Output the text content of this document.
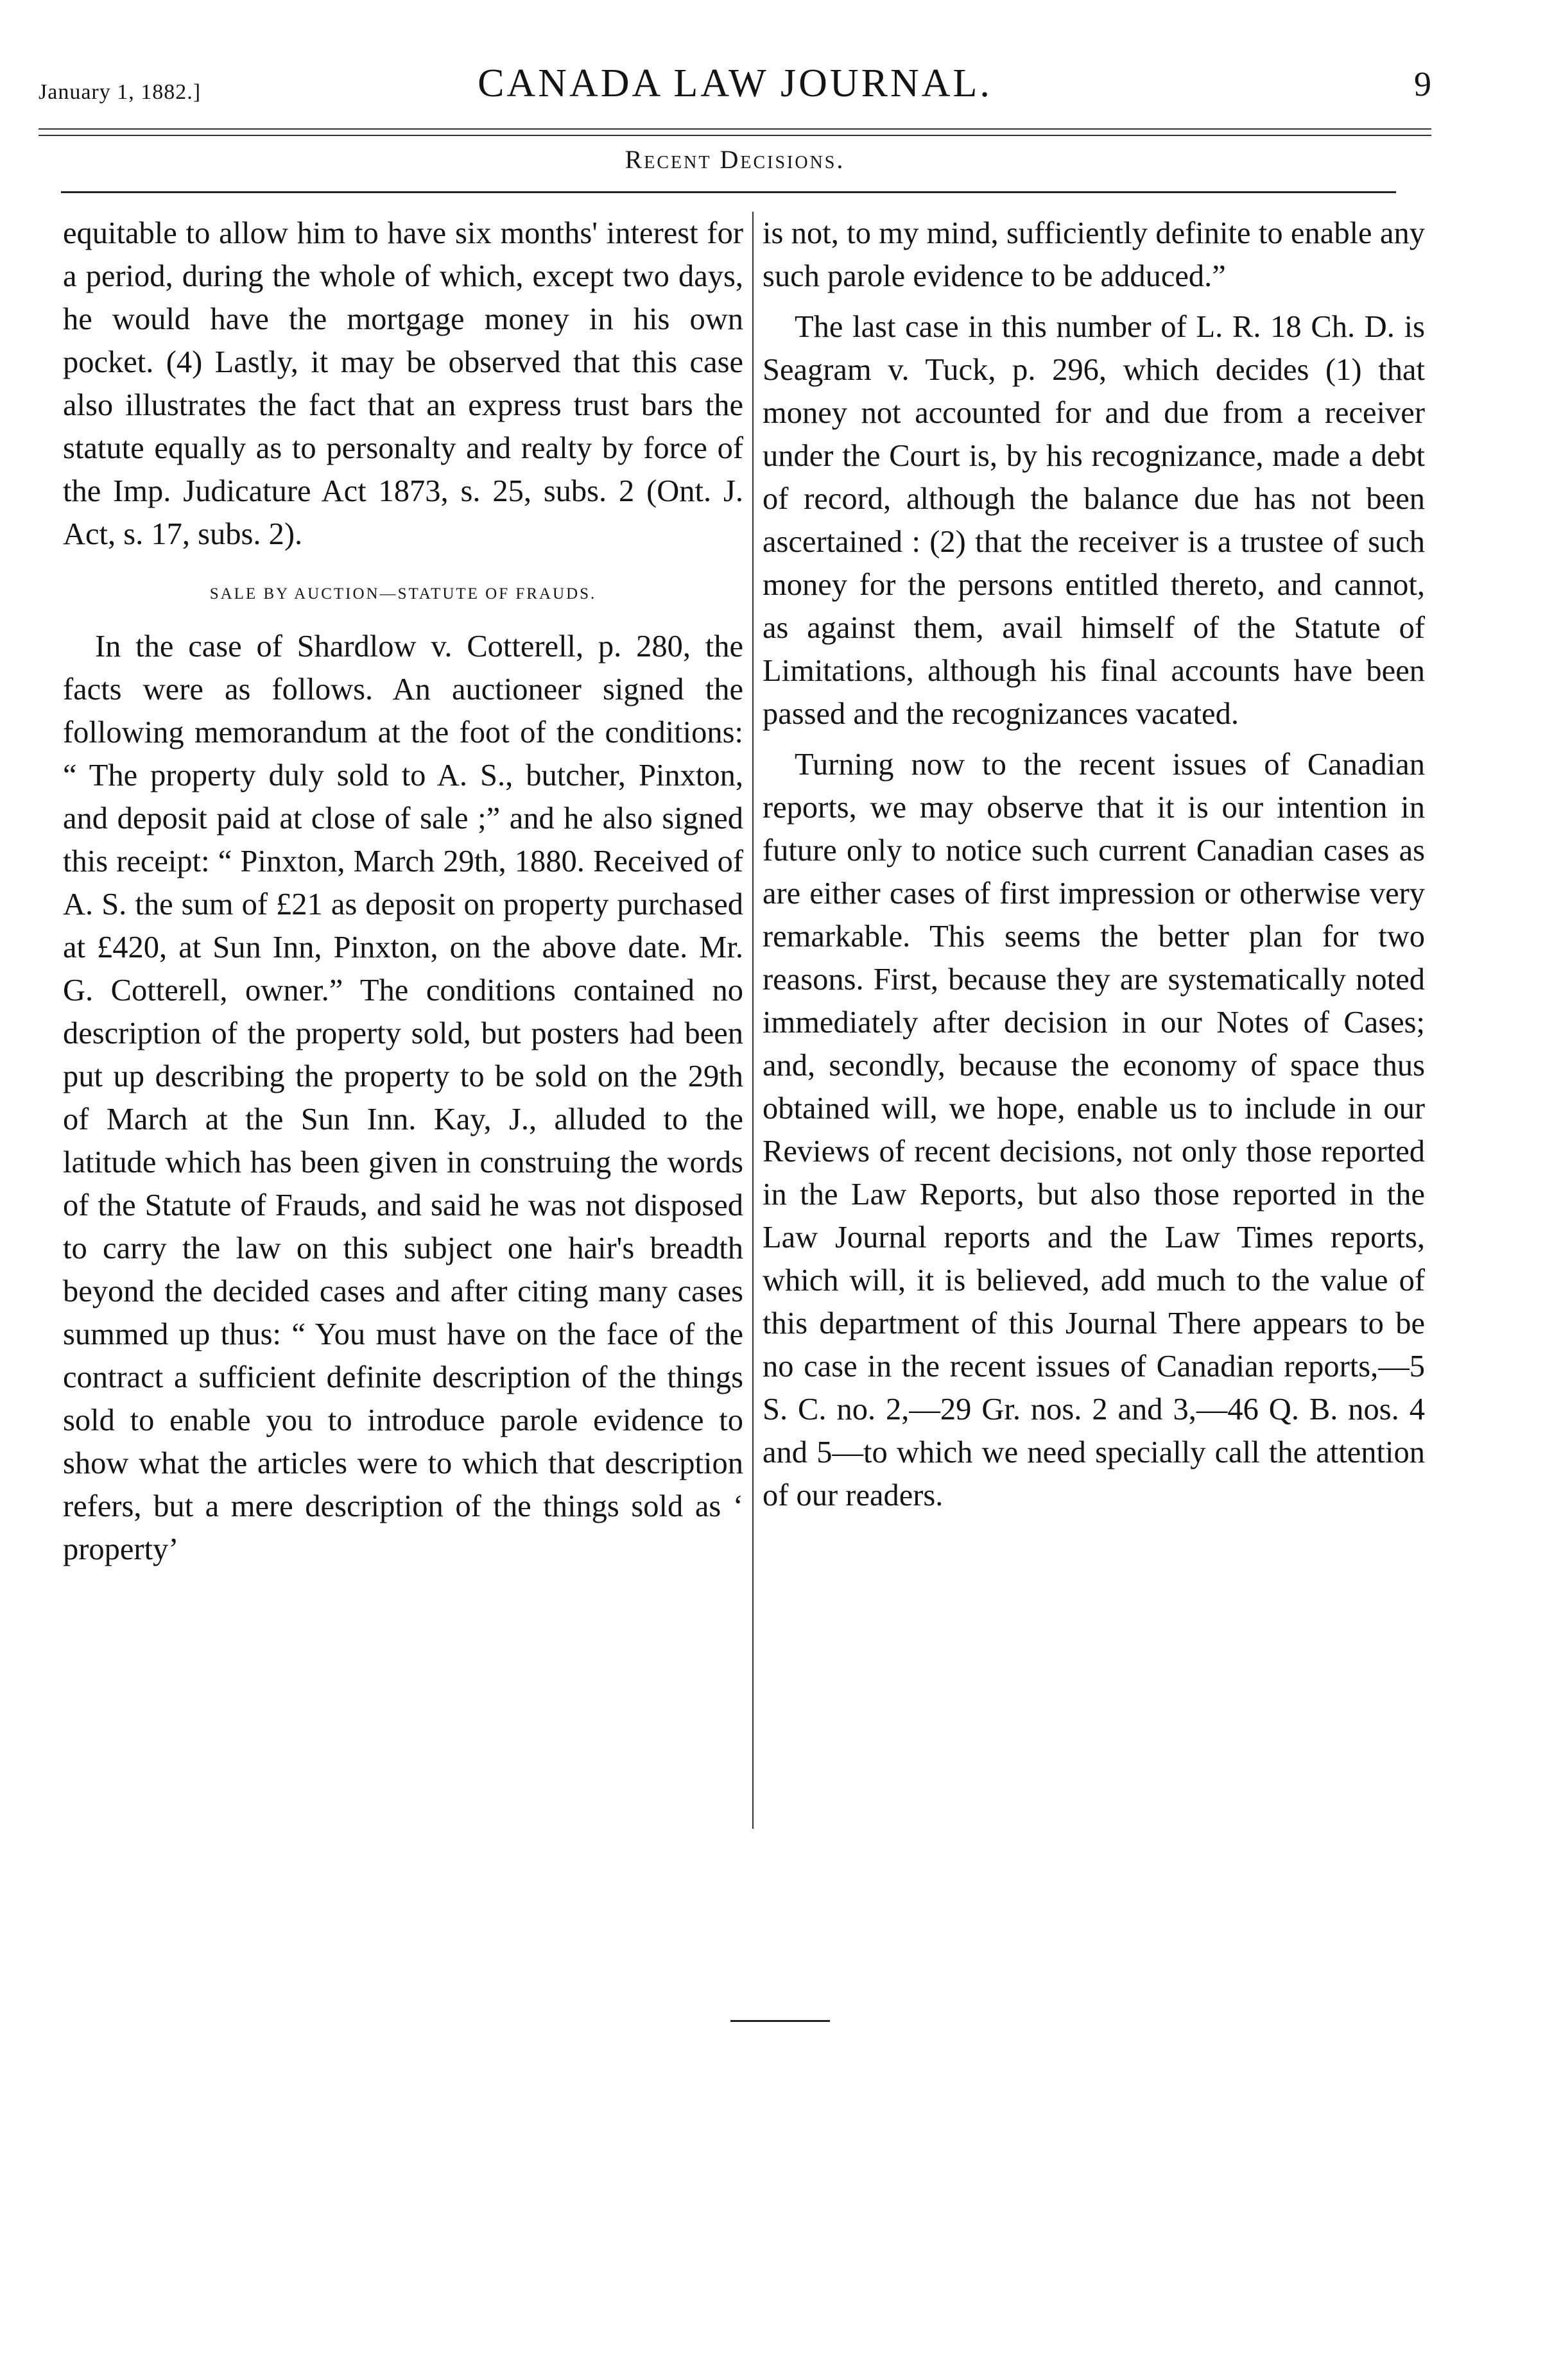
January 1, 1882.]	CANADA LAW JOURNAL.	9
Recent Decisions.

equitable to allow him to have six months' interest for a period, during the whole of which, except two days, he would have the mortgage money in his own pocket. (4) Lastly, it may be observed that this case also illustrates the fact that an express trust bars the statute equally as to personalty and realty by force of the Imp. Judicature Act 1873, s. 25, subs. 2 (Ont. J. Act, s. 17, subs. 2).

SALE BY AUCTION—STATUTE OF FRAUDS.

In the case of Shardlow v. Cotterell, p. 280, the facts were as follows. An auctioneer signed the following memorandum at the foot of the conditions: “ The property duly sold to A. S., butcher, Pinxton, and deposit paid at close of sale ;” and he also signed this receipt: “ Pinxton, March 29th, 1880. Received of A. S. the sum of £21 as deposit on property purchased at £420, at Sun Inn, Pinxton, on the above date. Mr. G. Cotterell, owner.” The conditions contained no description of the property sold, but posters had been put up describing the property to be sold on the 29th of March at the Sun Inn. Kay, J., alluded to the latitude which has been given in construing the words of the Statute of Frauds, and said he was not disposed to carry the law on this subject one hair's breadth beyond the decided cases and after citing many cases summed up thus: “ You must have on the face of the contract a sufficient definite description of the things sold to enable you to introduce parole evidence to show what the articles were to which that description refers, but a mere description of the things sold as ‘ property’

is not, to my mind, sufficiently definite to enable any such parole evidence to be adduced.”

The last case in this number of L. R. 18 Ch. D. is Seagram v. Tuck, p. 296, which decides (1) that money not accounted for and due from a receiver under the Court is, by his recognizance, made a debt of record, although the balance due has not been ascertained : (2) that the receiver is a trustee of such money for the persons entitled thereto, and cannot, as against them, avail himself of the Statute of Limitations, although his final accounts have been passed and the recognizances vacated.

Turning now to the recent issues of Canadian reports, we may observe that it is our intention in future only to notice such current Canadian cases as are either cases of first impression or otherwise very remarkable. This seems the better plan for two reasons. First, because they are systematically noted immediately after decision in our Notes of Cases; and, secondly, because the economy of space thus obtained will, we hope, enable us to include in our Reviews of recent decisions, not only those reported in the Law Reports, but also those reported in the Law Journal reports and the Law Times reports, which will, it is believed, add much to the value of this department of this Journal There appears to be no case in the recent issues of Canadian reports,—5 S. C. no. 2,—29 Gr. nos. 2 and 3,—46 Q. B. nos. 4 and 5—to which we need specially call the attention of our readers.
